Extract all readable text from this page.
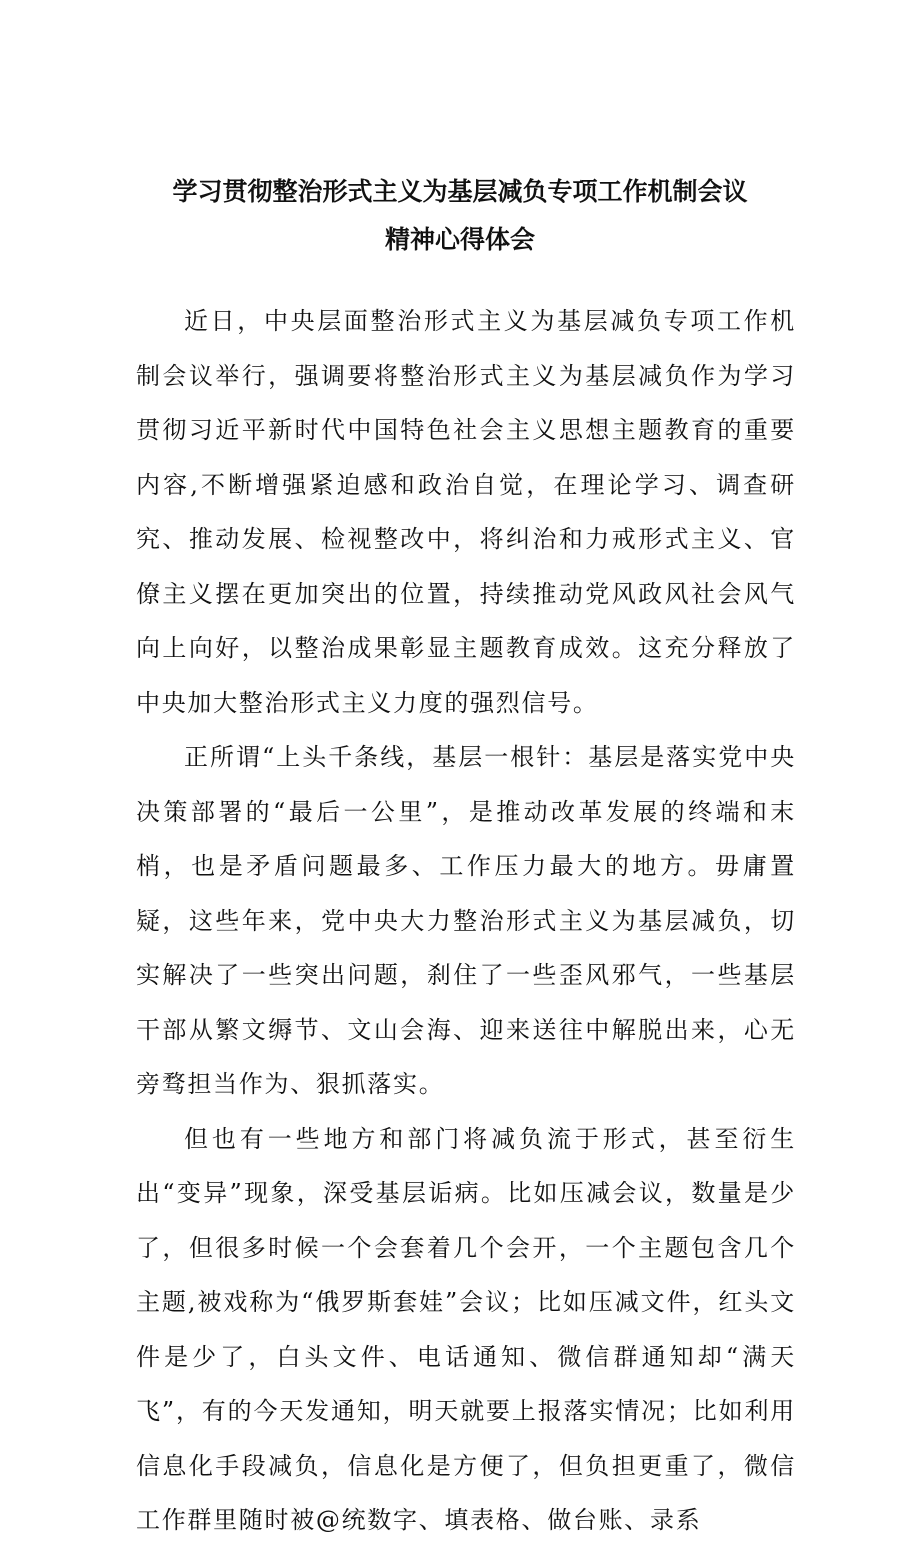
学习贯彻整治形式主义为基层减负专项工作机制会议
精神心得体会

近日，中央层面整治形式主义为基层减负专项工作机制会议举行，强调要将整治形式主义为基层减负作为学习贯彻习近平新时代中国特色社会主义思想主题教育的重要内容,不断增强紧迫感和政治自觉，在理论学习、调查研究、推动发展、检视整改中，将纠治和力戒形式主义、官僚主义摆在更加突出的位置，持续推动党风政风社会风气向上向好，以整治成果彰显主题教育成效。这充分释放了中央加大整治形式主义力度的强烈信号。

正所谓“上头千条线，基层一根针：基层是落实党中央决策部署的“最后一公里”，是推动改革发展的终端和末梢，也是矛盾问题最多、工作压力最大的地方。毋庸置疑，这些年来，党中央大力整治形式主义为基层减负，切实解决了一些突出问题，刹住了一些歪风邪气，一些基层干部从繁文缛节、文山会海、迎来送往中解脱出来，心无旁骛担当作为、狠抓落实。

但也有一些地方和部门将减负流于形式，甚至衍生出“变异”现象，深受基层诟病。比如压减会议，数量是少了，但很多时候一个会套着几个会开，一个主题包含几个主题,被戏称为“俄罗斯套娃”会议；比如压减文件，红头文件是少了，白头文件、电话通知、微信群通知却“满天飞”，有的今天发通知，明天就要上报落实情况；比如利用信息化手段减负，信息化是方便了，但负担更重了，微信工作群里随时被@统数字、填表格、做台账、录系
